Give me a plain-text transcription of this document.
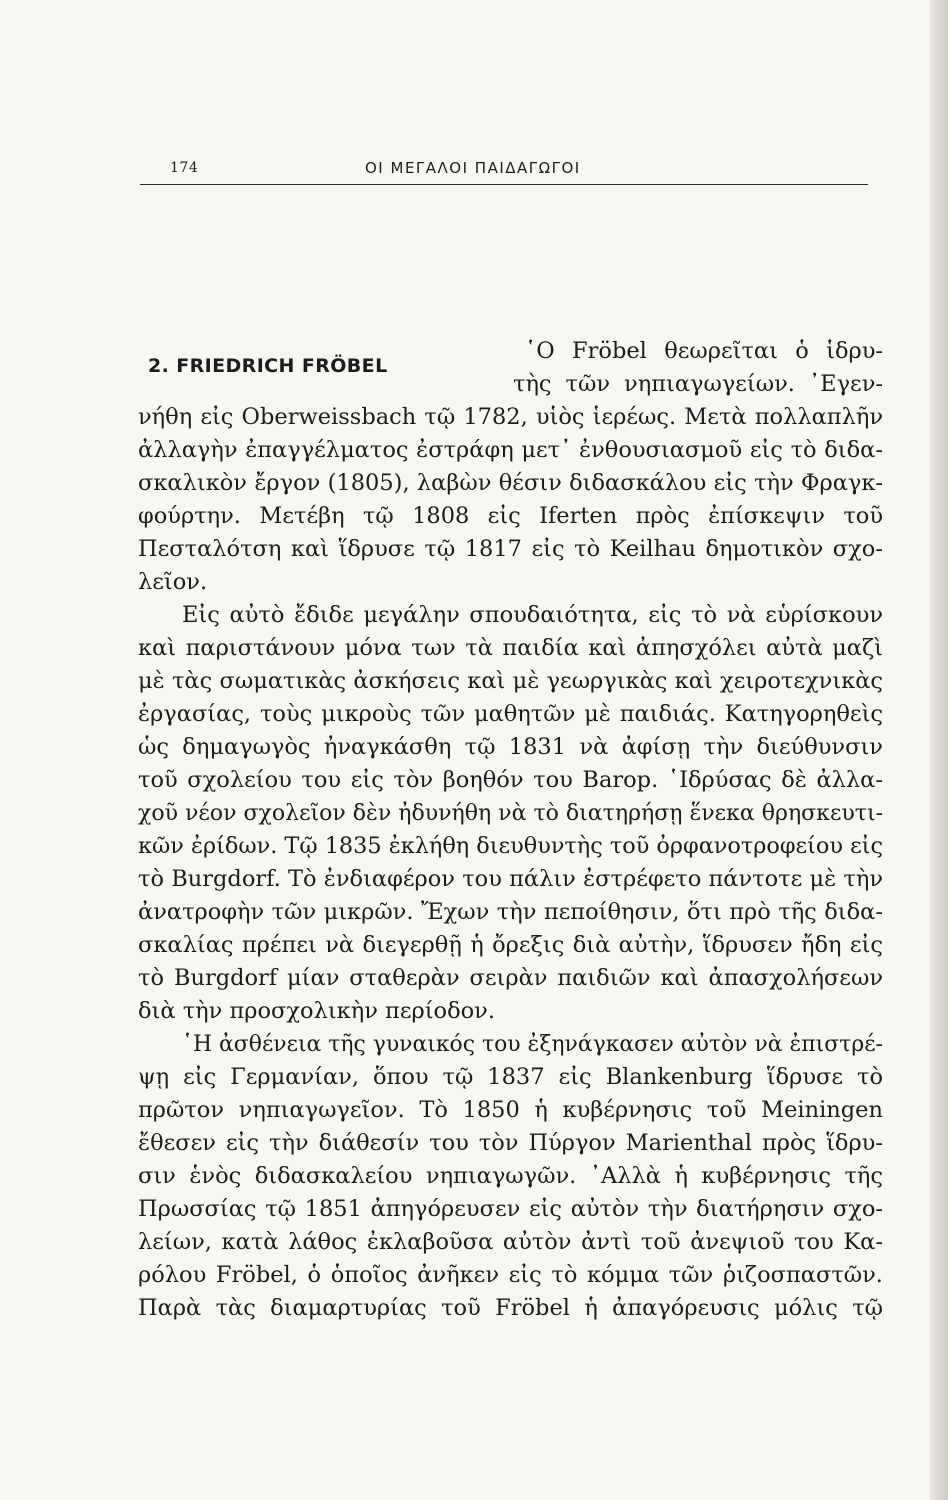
174	ΟΙ ΜΕΓΑΛΟΙ ΠΑΙΔΑΓΩΓΟΙ
2. FRIEDRICH FRÖBEL
῾Ο Fröbel θεωρεῖται ὁ ἱδρυ-
τὴς τῶν νηπιαγωγείων. ᾿Εγεν-
νήθη εἰς Oberweissbach τῷ 1782, υἱὸς ἱερέως. Μετὰ πολλαπλῆν
ἀλλαγὴν ἐπαγγέλματος ἐστράφη μετ᾿ ἐνθουσιασμοῦ εἰς τὸ διδα-
σκαλικὸν ἔργον (1805), λαβὼν θέσιν διδασκάλου εἰς τὴν Φραγκ-
φούρτην. Μετέβη τῷ 1808 εἰς Iferten πρὸς ἐπίσκεψιν τοῦ
Πεσταλότση καὶ ἵδρυσε τῷ 1817 εἰς τὸ Keilhau δημοτικὸν σχο-
λεῖον.
Εἰς αὐτὸ ἔδιδε μεγάλην σπουδαιότητα, εἰς τὸ νὰ εὑρίσκουν
καὶ παριστάνουν μόνα των τὰ παιδία καὶ ἀπησχόλει αὐτὰ μαζὶ
μὲ τὰς σωματικὰς ἀσκήσεις καὶ μὲ γεωργικὰς καὶ χειροτεχνικὰς
ἐργασίας, τοὺς μικροὺς τῶν μαθητῶν μὲ παιδιάς. Κατηγορηθεὶς
ὡς δημαγωγὸς ἠναγκάσθη τῷ 1831 νὰ ἀφίσῃ τὴν διεύθυνσιν
τοῦ σχολείου του εἰς τὸν βοηθόν του Barop. ῾Ιδρύσας δὲ ἀλλα-
χοῦ νέον σχολεῖον δὲν ἠδυνήθη νὰ τὸ διατηρήσῃ ἕνεκα θρησκευτι-
κῶν ἐρίδων. Τῷ 1835 ἐκλήθη διευθυντὴς τοῦ ὀρφανοτροφείου εἰς
τὸ Burgdorf. Τὸ ἐνδιαφέρον του πάλιν ἐστρέφετο πάντοτε μὲ τὴν
ἀνατροφὴν τῶν μικρῶν. Ἔχων τὴν πεποίθησιν, ὅτι πρὸ τῆς διδα-
σκαλίας πρέπει νὰ διεγερθῇ ἡ ὄρεξις διὰ αὐτὴν, ἵδρυσεν ἤδη εἰς
τὸ Burgdorf μίαν σταθερὰν σειρὰν παιδιῶν καὶ ἀπασχολήσεων
διὰ τὴν προσχολικὴν περίοδον.
῾Η ἀσθένεια τῆς γυναικός του ἐξηνάγκασεν αὐτὸν νὰ ἐπιστρέ-
ψῃ εἰς Γερμανίαν, ὅπου τῷ 1837 εἰς Blankenburg ἵδρυσε τὸ
πρῶτον νηπιαγωγεῖον. Τὸ 1850 ἡ κυβέρνησις τοῦ Meiningen
ἔθεσεν εἰς τὴν διάθεσίν του τὸν Πύργον Marienthal πρὸς ἵδρυ-
σιν ἑνὸς διδασκαλείου νηπιαγωγῶν. ᾿Αλλὰ ἡ κυβέρνησις τῆς
Πρωσσίας τῷ 1851 ἀπηγόρευσεν εἰς αὐτὸν τὴν διατήρησιν σχο-
λείων, κατὰ λάθος ἐκλαβοῦσα αὐτὸν ἀντὶ τοῦ ἀνεψιοῦ του Κα-
ρόλου Fröbel, ὁ ὁποῖος ἀνῆκεν εἰς τὸ κόμμα τῶν ῥιζοσπαστῶν.
Παρὰ τὰς διαμαρτυρίας τοῦ Fröbel ἡ ἀπαγόρευσις μόλις τῷ
